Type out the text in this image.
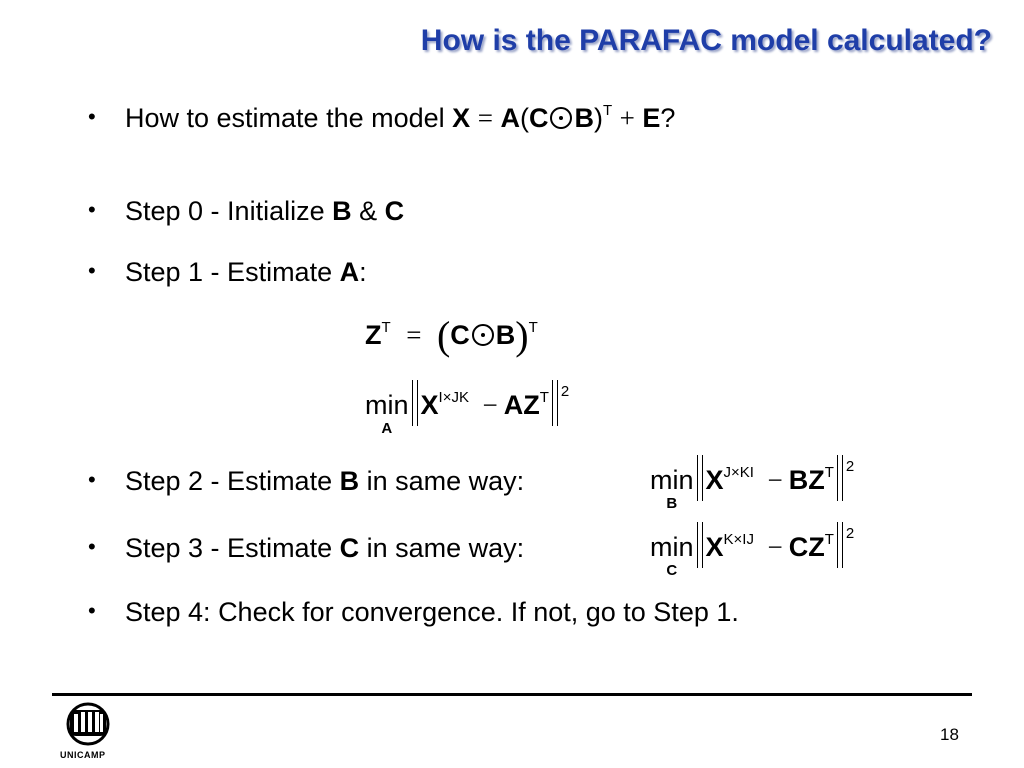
How is the PARAFAC model calculated?
• How to estimate the model X = A(C B)$^T$ + E?
• Step 0 - Initialize B & C
• Step 1 - Estimate A:
$Z^T = (C$ B)$^T$
min
A
$X^{I\times JK} - AZ^T$ $^2$
• Step 2 - Estimate B in same way:	min
B
$X^{J\times KI} - BZ^T$ $^2$
• Step 3 - Estimate C in same way:	min
C
$X^{K\times IJ} - CZ^T$ $^2$
• Step 4: Check for convergence. If not, go to Step 1.
UNICAMP
18
